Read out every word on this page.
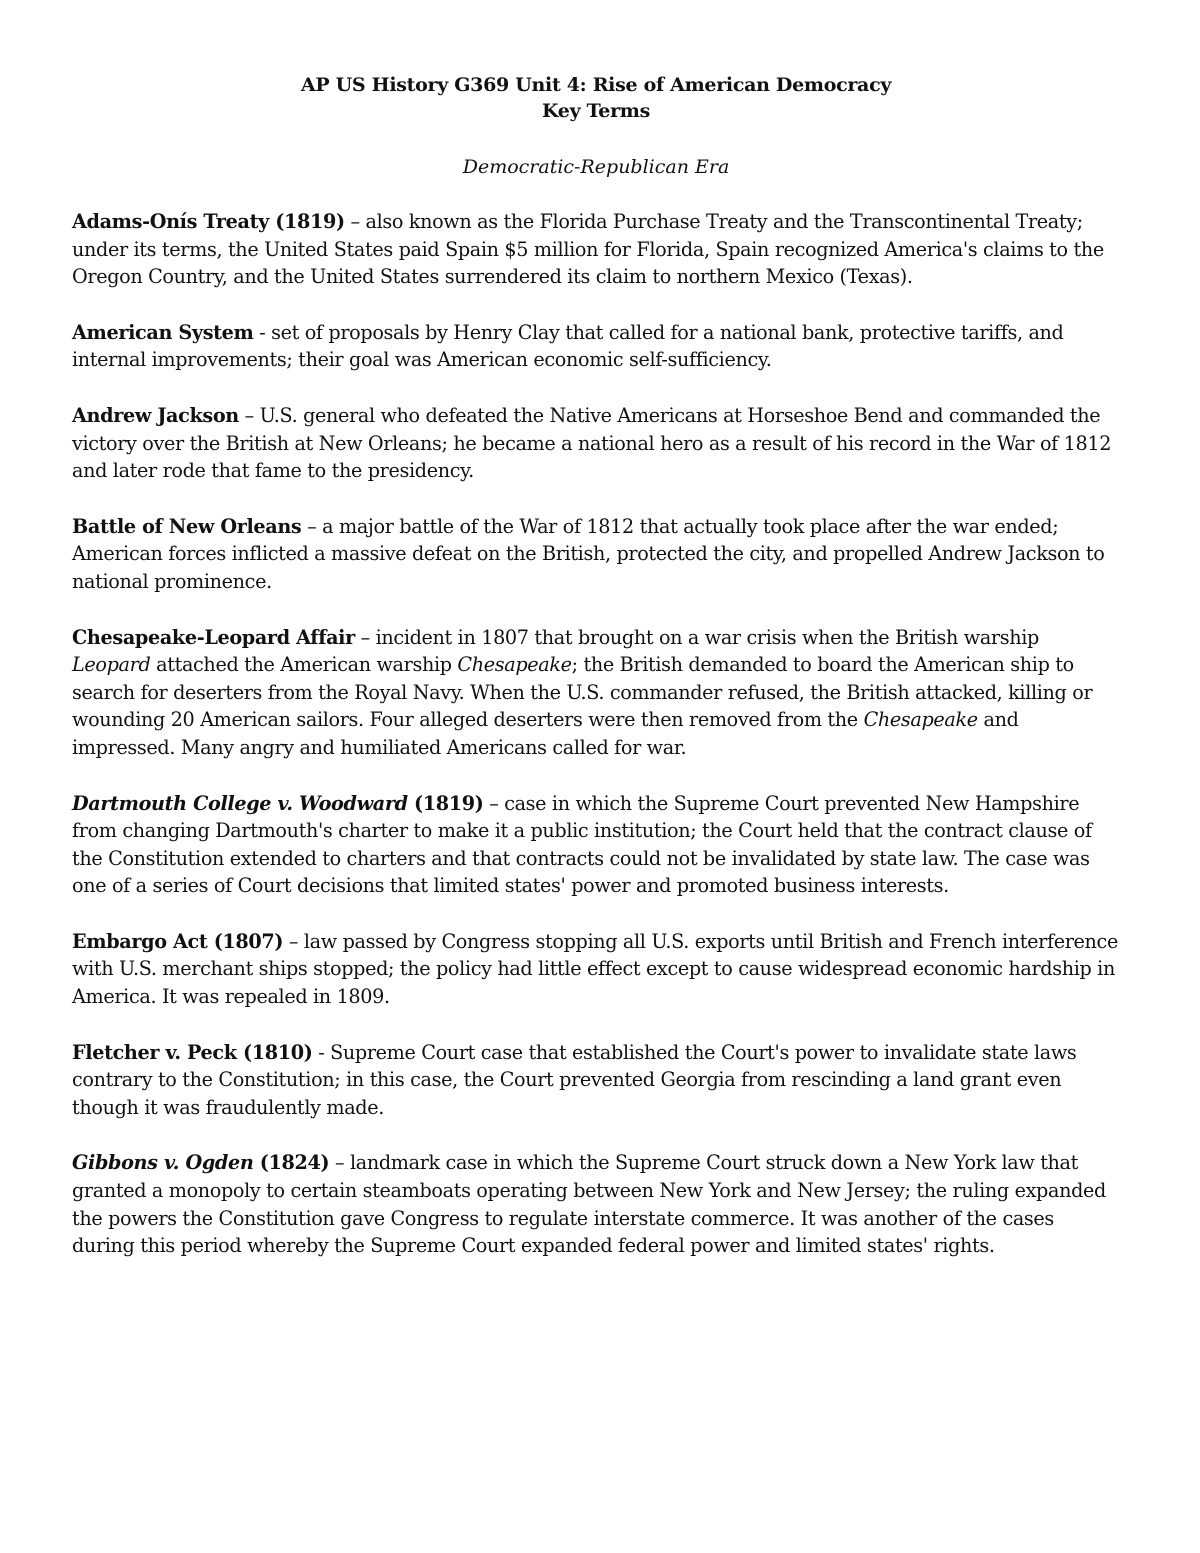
AP US History G369 Unit 4: Rise of American Democracy
Key Terms
Democratic-Republican Era

Adams-Onís Treaty (1819) – also known as the Florida Purchase Treaty and the Transcontinental Treaty; under its terms, the United States paid Spain $5 million for Florida, Spain recognized America's claims to the Oregon Country, and the United States surrendered its claim to northern Mexico (Texas).

American System - set of proposals by Henry Clay that called for a national bank, protective tariffs, and internal improvements; their goal was American economic self-sufficiency.

Andrew Jackson – U.S. general who defeated the Native Americans at Horseshoe Bend and commanded the victory over the British at New Orleans; he became a national hero as a result of his record in the War of 1812 and later rode that fame to the presidency.

Battle of New Orleans – a major battle of the War of 1812 that actually took place after the war ended; American forces inflicted a massive defeat on the British, protected the city, and propelled Andrew Jackson to national prominence.

Chesapeake-Leopard Affair – incident in 1807 that brought on a war crisis when the British warship Leopard attached the American warship Chesapeake; the British demanded to board the American ship to search for deserters from the Royal Navy. When the U.S. commander refused, the British attacked, killing or wounding 20 American sailors. Four alleged deserters were then removed from the Chesapeake and impressed. Many angry and humiliated Americans called for war.

Dartmouth College v. Woodward (1819) – case in which the Supreme Court prevented New Hampshire from changing Dartmouth's charter to make it a public institution; the Court held that the contract clause of the Constitution extended to charters and that contracts could not be invalidated by state law. The case was one of a series of Court decisions that limited states' power and promoted business interests.

Embargo Act (1807) – law passed by Congress stopping all U.S. exports until British and French interference with U.S. merchant ships stopped; the policy had little effect except to cause widespread economic hardship in America. It was repealed in 1809.

Fletcher v. Peck (1810) - Supreme Court case that established the Court's power to invalidate state laws contrary to the Constitution; in this case, the Court prevented Georgia from rescinding a land grant even though it was fraudulently made.

Gibbons v. Ogden (1824) – landmark case in which the Supreme Court struck down a New York law that granted a monopoly to certain steamboats operating between New York and New Jersey; the ruling expanded the powers the Constitution gave Congress to regulate interstate commerce. It was another of the cases during this period whereby the Supreme Court expanded federal power and limited states' rights.
